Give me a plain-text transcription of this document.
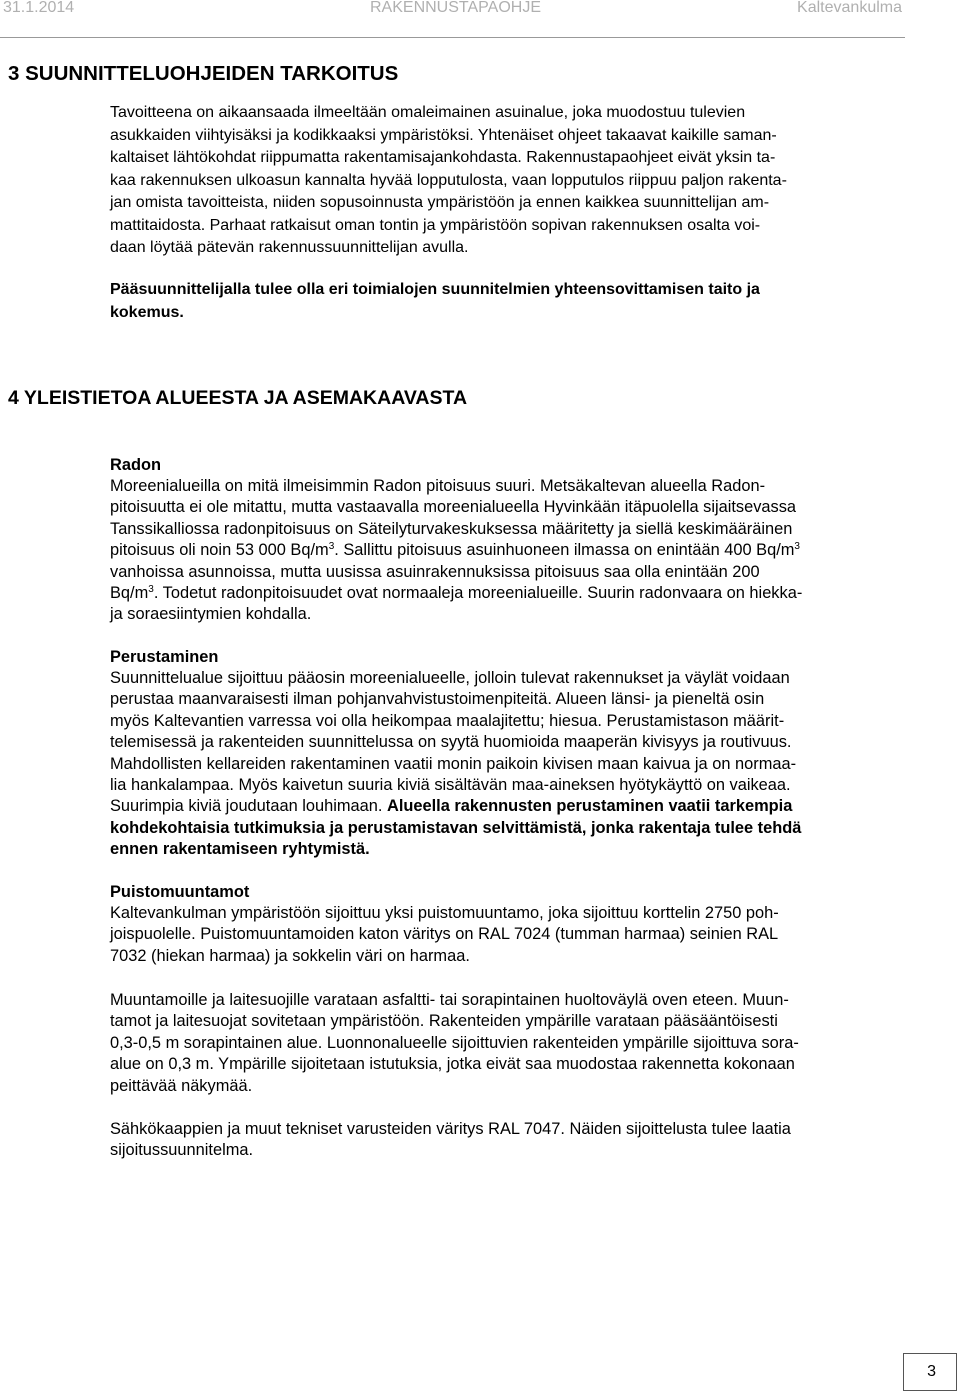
31.1.2014	RAKENNUSTAPAOHJE	Kaltevankulma
3 SUUNNITTELUOHJEIDEN TARKOITUS

Tavoitteena on aikaansaada ilmeeltään omaleimainen asuinalue, joka muodostuu tulevien
asukkaiden viihtyisäksi ja kodikkaaksi ympäristöksi. Yhtenäiset ohjeet takaavat kaikille saman-
kaltaiset lähtökohdat riippumatta rakentamisajankohdasta. Rakennustapaohjeet eivät yksin ta-
kaa rakennuksen ulkoasun kannalta hyvää lopputulosta, vaan lopputulos riippuu paljon rakenta-
jan omista tavoitteista, niiden sopusoinnusta ympäristöön ja ennen kaikkea suunnittelijan am-
mattitaidosta. Parhaat ratkaisut oman tontin ja ympäristöön sopivan rakennuksen osalta voi-
daan löytää pätevän rakennussuunnittelijan avulla.

Pääsuunnittelijalla tulee olla eri toimialojen suunnitelmien yhteensovittamisen taito ja
kokemus.

4 YLEISTIETOA ALUEESTA JA ASEMAKAAVASTA
Radon

Moreenialueilla on mitä ilmeisimmin Radon pitoisuus suuri. Metsäkaltevan alueella Radon-
pitoisuutta ei ole mitattu, mutta vastaavalla moreenialueella Hyvinkään itäpuolella sijaitsevassa
Tanssikalliossa radonpitoisuus on Säteilyturvakeskuksessa määritetty ja siellä keskimääräinen
pitoisuus oli noin 53 000 $Bq/m^3$. Sallittu pitoisuus asuinhuoneen ilmassa on enintään 400 $Bq/m^3$
vanhoissa asunnoissa, mutta uusissa asuinrakennuksissa pitoisuus saa olla enintään 200
$Bq/m^3$. Todetut radonpitoisuudet ovat normaaleja moreenialueille. Suurin radonvaara on hiekka-
ja soraesiintymien kohdalla.

Perustaminen

Suunnittelualue sijoittuu pääosin moreenialueelle, jolloin tulevat rakennukset ja väylät voidaan
perustaa maanvaraisesti ilman pohjanvahvistustoimenpiteitä. Alueen länsi- ja pieneltä osin
myös Kaltevantien varressa voi olla heikompaa maalajitettu; hiesua. Perustamistason määrit-
telemisessä ja rakenteiden suunnittelussa on syytä huomioida maaperän kivisyys ja routivuus.
Mahdollisten kellareiden rakentaminen vaatii monin paikoin kivisen maan kaivua ja on normaa-
lia hankalampaa. Myös kaivetun suuria kiviä sisältävän maa-aineksen hyötykäyttö on vaikeaa.
Suurimpia kiviä joudutaan louhimaan. Alueella rakennusten perustaminen vaatii tarkempia
kohdekohtaisia tutkimuksia ja perustamistavan selvittämistä, jonka rakentaja tulee tehdä
ennen rakentamiseen ryhtymistä.

Puistomuuntamot

Kaltevankulman ympäristöön sijoittuu yksi puistomuuntamo, joka sijoittuu korttelin 2750 poh-
joispuolelle. Puistomuuntamoiden katon väritys on RAL 7024 (tumman harmaa) seinien RAL
7032 (hiekan harmaa) ja sokkelin väri on harmaa.

Muuntamoille ja laitesuojille varataan asfaltti- tai sorapintainen huoltoväylä oven eteen. Muun-
tamot ja laitesuojat sovitetaan ympäristöön. Rakenteiden ympärille varataan pääsääntöisesti
0,3-0,5 m sorapintainen alue. Luonnonalueelle sijoittuvien rakenteiden ympärille sijoittuva sora-
alue on 0,3 m. Ympärille sijoitetaan istutuksia, jotka eivät saa muodostaa rakennetta kokonaan
peittävää näkymää.

Sähkökaappien ja muut tekniset varusteiden väritys RAL 7047. Näiden sijoittelusta tulee laatia
sijoitussuunnitelma.

3
